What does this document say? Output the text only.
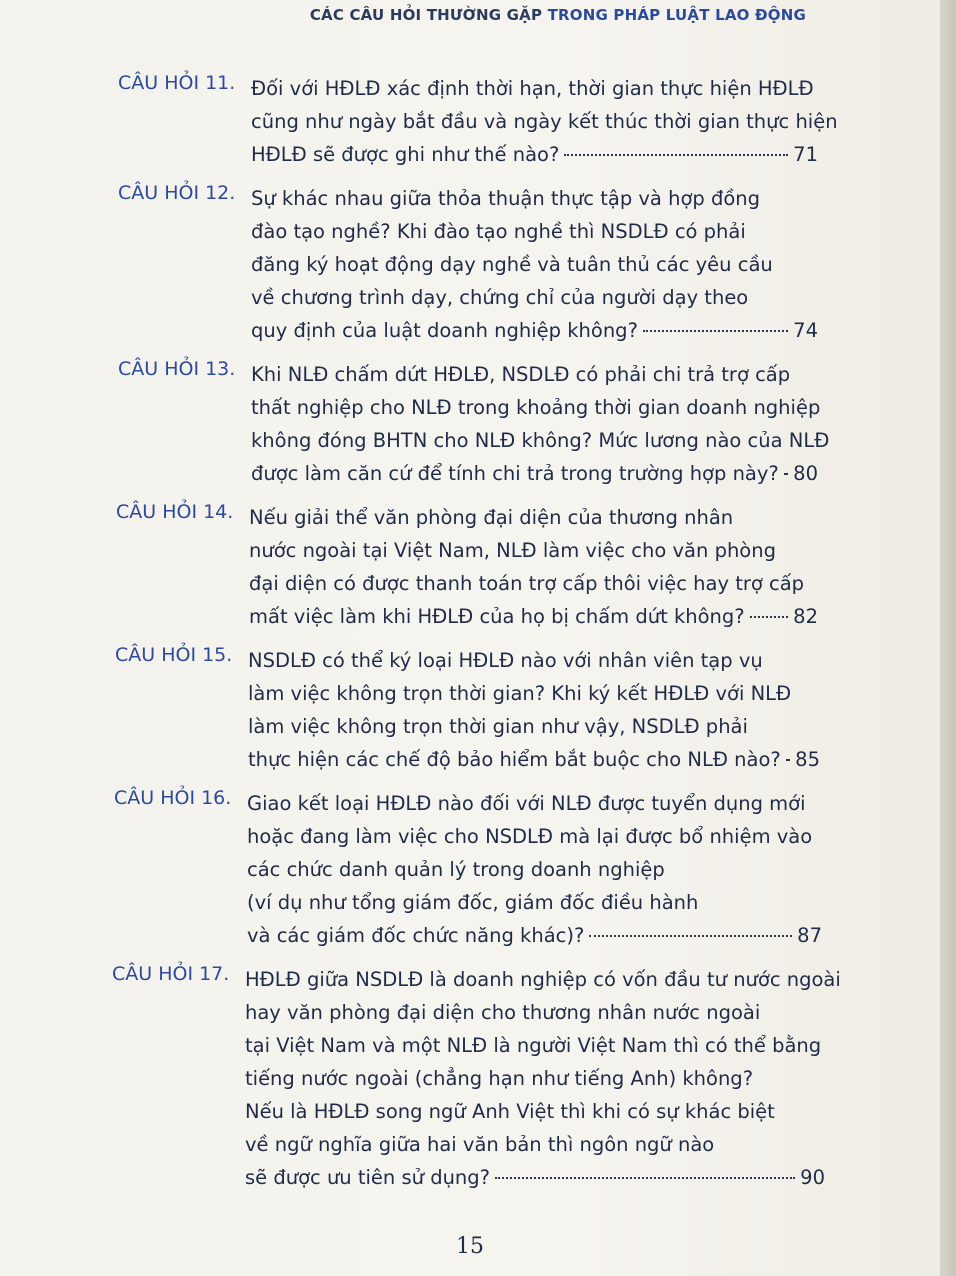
CÁC CÂU HỎI THƯỜNG GẶP TRONG PHÁP LUẬT LAO ĐỘNG
CÂU HỎI 11. Đối với HĐLĐ xác định thời hạn, thời gian thực hiện HĐLĐ
cũng như ngày bắt đầu và ngày kết thúc thời gian thực hiện
HĐLĐ sẽ được ghi như thế nào?	71
CÂU HỎI 12. Sự khác nhau giữa thỏa thuận thực tập và hợp đồng
đào tạo nghề? Khi đào tạo nghề thì NSDLĐ có phải
đăng ký hoạt động dạy nghề và tuân thủ các yêu cầu
về chương trình dạy, chứng chỉ của người dạy theo
quy định của luật doanh nghiệp không?	74
CÂU HỎI 13. Khi NLĐ chấm dứt HĐLĐ, NSDLĐ có phải chi trả trợ cấp
thất nghiệp cho NLĐ trong khoảng thời gian doanh nghiệp
không đóng BHTN cho NLĐ không? Mức lương nào của NLĐ
được làm căn cứ để tính chi trả trong trường hợp này? 80
CÂU HỎI 14. Nếu giải thể văn phòng đại diện của thương nhân
nước ngoài tại Việt Nam, NLĐ làm việc cho văn phòng
đại diện có được thanh toán trợ cấp thôi việc hay trợ cấp
mất việc làm khi HĐLĐ của họ bị chấm dứt không? 82
CÂU HỎI 15. NSDLĐ có thể ký loại HĐLĐ nào với nhân viên tạp vụ
làm việc không trọn thời gian? Khi ký kết HĐLĐ với NLĐ
làm việc không trọn thời gian như vậy, NSDLĐ phải
thực hiện các chế độ bảo hiểm bắt buộc cho NLĐ nào? 85
CÂU HỎI 16. Giao kết loại HĐLĐ nào đối với NLĐ được tuyển dụng mới
hoặc đang làm việc cho NSDLĐ mà lại được bổ nhiệm vào
các chức danh quản lý trong doanh nghiệp
(ví dụ như tổng giám đốc, giám đốc điều hành
và các giám đốc chức năng khác)?	87
CÂU HỎI 17. HĐLĐ giữa NSDLĐ là doanh nghiệp có vốn đầu tư nước ngoài
hay văn phòng đại diện cho thương nhân nước ngoài
tại Việt Nam và một NLĐ là người Việt Nam thì có thể bằng
tiếng nước ngoài (chẳng hạn như tiếng Anh) không?
Nếu là HĐLĐ song ngữ Anh Việt thì khi có sự khác biệt
về ngữ nghĩa giữa hai văn bản thì ngôn ngữ nào
sẽ được ưu tiên sử dụng?	90
15
